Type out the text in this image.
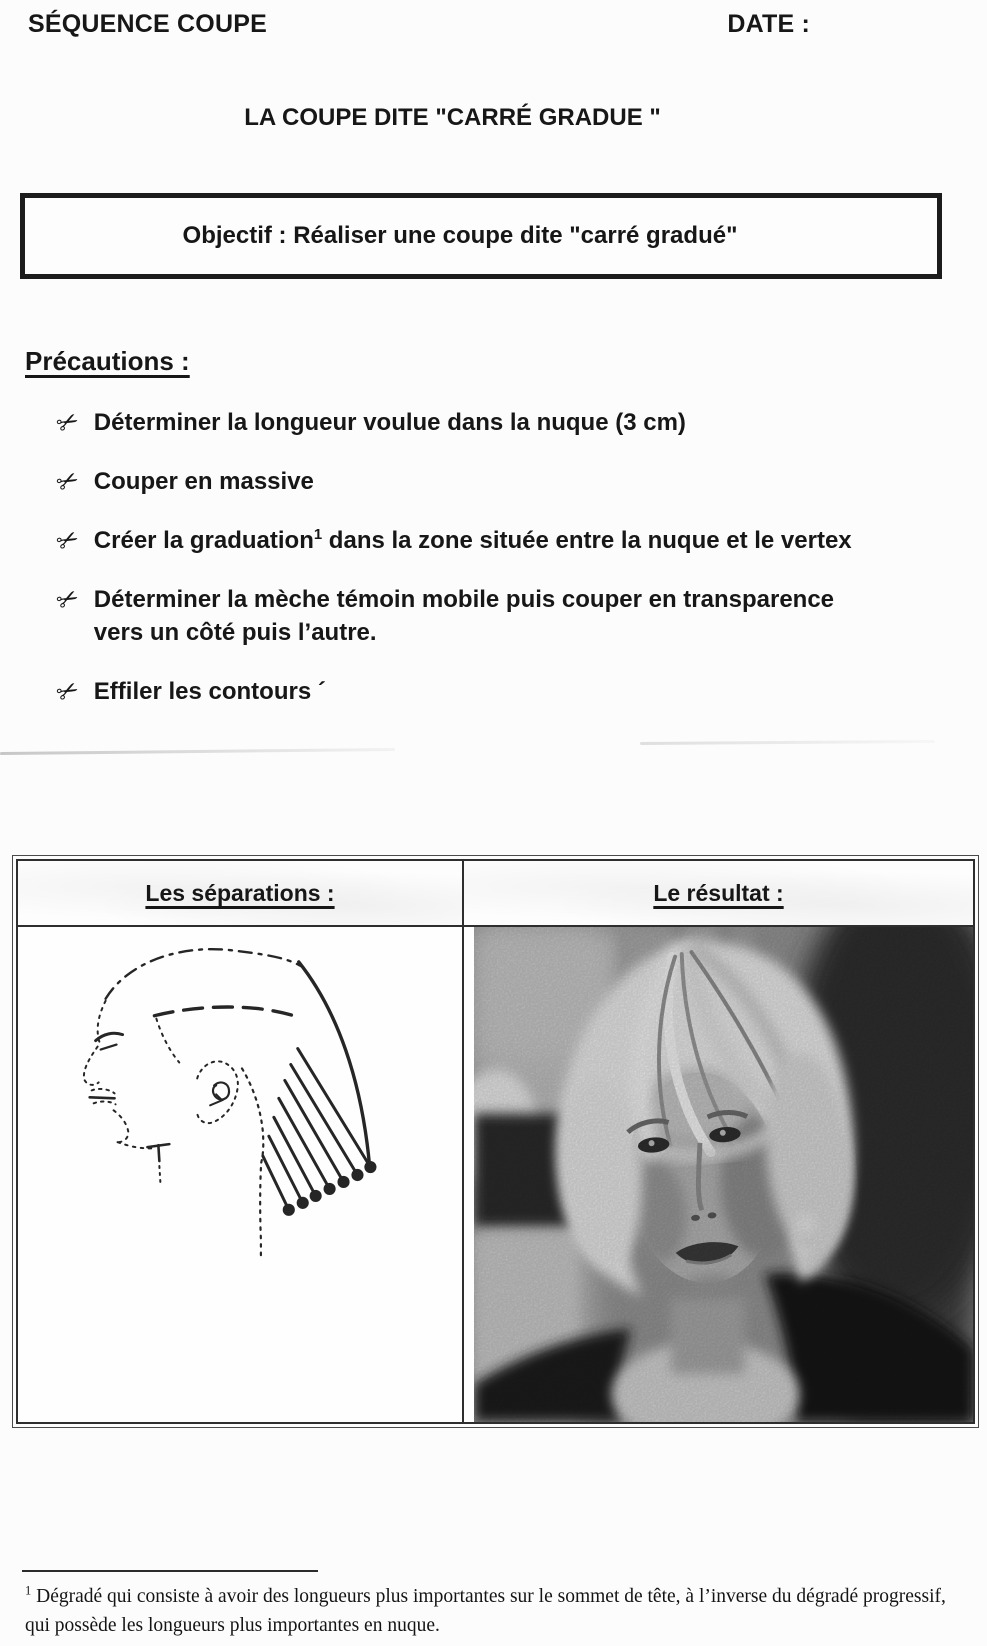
SÉQUENCE COUPE	DATE :
LA COUPE DITE "CARRÉ GRADUE "
Objectif : Réaliser une coupe dite "carré gradué"
Précautions :
✂ Déterminer la longueur voulue dans la nuque (3 cm)
✂ Couper en massive
✂ Créer la graduation$^1$ dans la zone située entre la nuque et le vertex
✂ Déterminer la mèche témoin mobile puis couper en transparence
vers un côté puis l’autre.
✂ Effiler les contours ´
Les séparations :	Le résultat :
$^1$ Dégradé qui consiste à avoir des longueurs plus importantes sur le sommet de tête, à l’inverse du dégradé progressif, qui possède les longueurs plus importantes en nuque.
